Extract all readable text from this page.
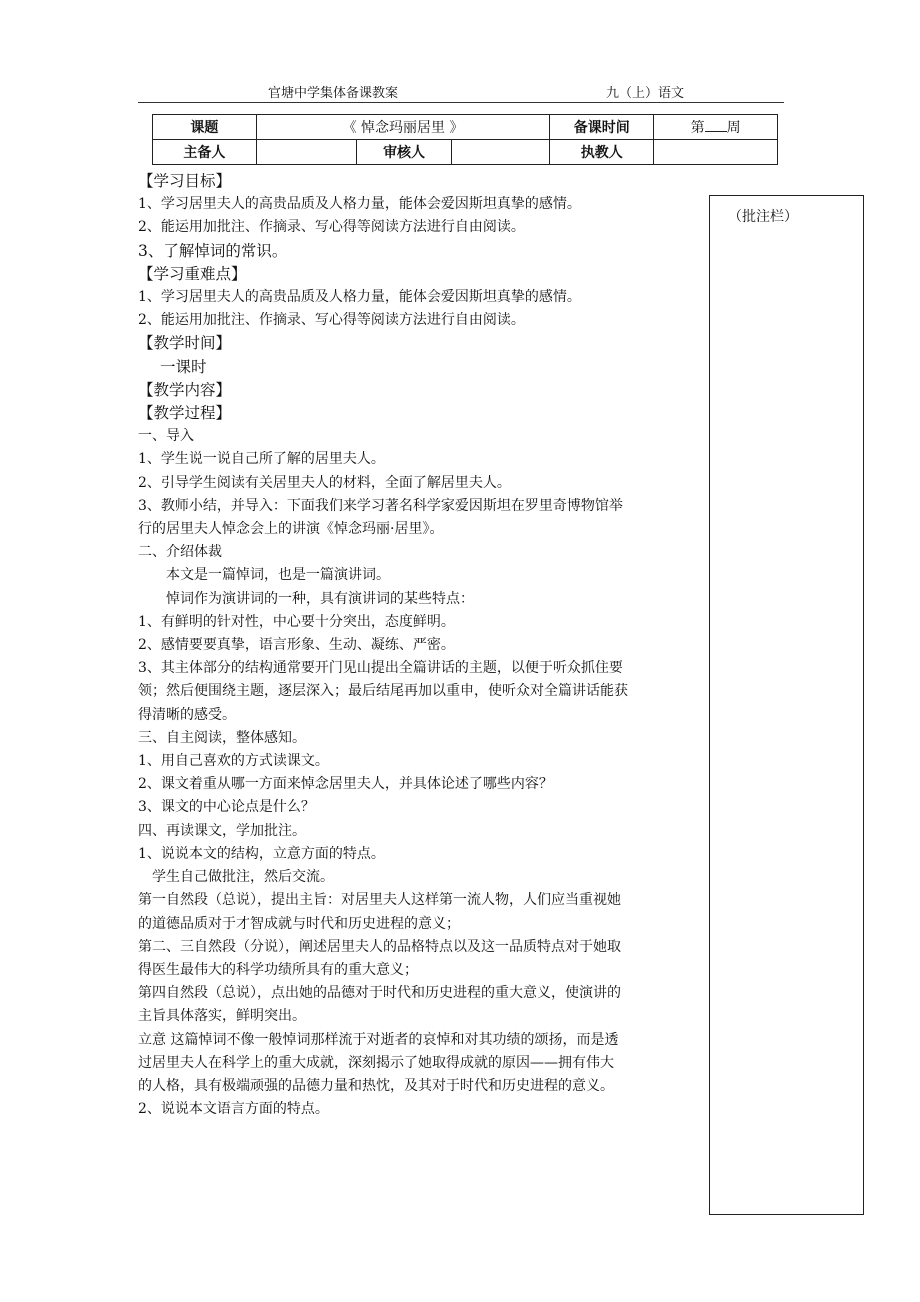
官塘中学集体备课教案	九（上）语文
课题	《 悼念玛丽居里 》			备课时间	第 周
主备人		审核人		执教人	
（批注栏）

【学习目标】

1、学习居里夫人的高贵品质及人格力量，能体会爱因斯坦真挚的感情。

2、能运用加批注、作摘录、写心得等阅读方法进行自由阅读。

3、了解悼词的常识。

【学习重难点】

1、学习居里夫人的高贵品质及人格力量，能体会爱因斯坦真挚的感情。

2、能运用加批注、作摘录、写心得等阅读方法进行自由阅读。

【教学时间】

一课时

【教学内容】

【教学过程】

一、导入

1、学生说一说自己所了解的居里夫人。

2、引导学生阅读有关居里夫人的材料，全面了解居里夫人。

3、教师小结，并导入：下面我们来学习著名科学家爱因斯坦在罗里奇博物馆举

行的居里夫人悼念会上的讲演《悼念玛丽·居里》。

二、介绍体裁

本文是一篇悼词，也是一篇演讲词。

悼词作为演讲词的一种，具有演讲词的某些特点：

1、有鲜明的针对性，中心要十分突出，态度鲜明。

2、感情要要真挚，语言形象、生动、凝练、严密。

3、其主体部分的结构通常要开门见山提出全篇讲话的主题，以便于听众抓住要

领；然后便围绕主题，逐层深入；最后结尾再加以重申，使听众对全篇讲话能获

得清晰的感受。

三、自主阅读，整体感知。

1、用自己喜欢的方式读课文。

2、课文着重从哪一方面来悼念居里夫人，并具体论述了哪些内容？

3、课文的中心论点是什么？

四、再读课文，学加批注。

1、说说本文的结构，立意方面的特点。

学生自己做批注，然后交流。

第一自然段（总说），提出主旨：对居里夫人这样第一流人物，人们应当重视她

的道德品质对于才智成就与时代和历史进程的意义；

第二、三自然段（分说），阐述居里夫人的品格特点以及这一品质特点对于她取

得医生最伟大的科学功绩所具有的重大意义；

第四自然段（总说），点出她的品德对于时代和历史进程的重大意义，使演讲的

主旨具体落实，鲜明突出。

立意 这篇悼词不像一般悼词那样流于对逝者的哀悼和对其功绩的颂扬，而是透

过居里夫人在科学上的重大成就，深刻揭示了她取得成就的原因——拥有伟大

的人格，具有极端顽强的品德力量和热忱，及其对于时代和历史进程的意义。

2、说说本文语言方面的特点。
